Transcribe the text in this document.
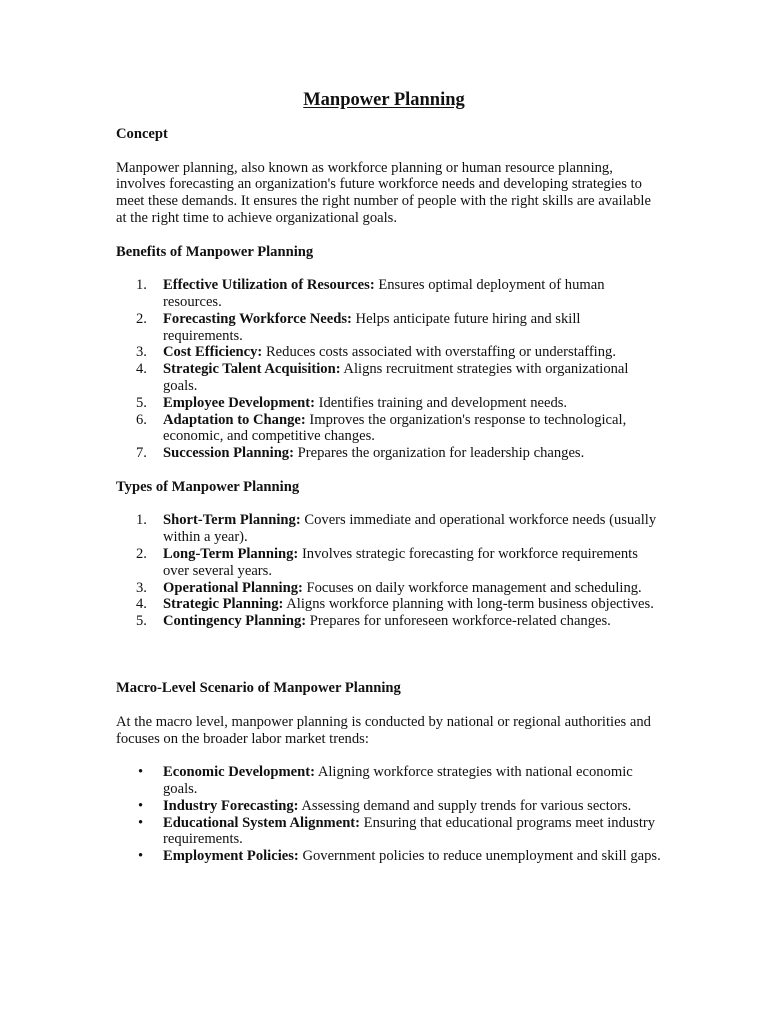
Manpower Planning
Concept

Manpower planning, also known as workforce planning or human resource planning, involves forecasting an organization's future workforce needs and developing strategies to meet these demands. It ensures the right number of people with the right skills are available at the right time to achieve organizational goals.

Benefits of Manpower Planning
1.	Effective Utilization of Resources: Ensures optimal deployment of human resources.
2.	Forecasting Workforce Needs: Helps anticipate future hiring and skill requirements.
3.	Cost Efficiency: Reduces costs associated with overstaffing or understaffing.
4.	Strategic Talent Acquisition: Aligns recruitment strategies with organizational goals.
5.	Employee Development: Identifies training and development needs.
6.	Adaptation to Change: Improves the organization's response to technological, economic, and competitive changes.
7.	Succession Planning: Prepares the organization for leadership changes.
Types of Manpower Planning
1.	Short-Term Planning: Covers immediate and operational workforce needs (usually within a year).
2.	Long-Term Planning: Involves strategic forecasting for workforce requirements over several years.
3.	Operational Planning: Focuses on daily workforce management and scheduling.
4.	Strategic Planning: Aligns workforce planning with long-term business objectives.
5.	Contingency Planning: Prepares for unforeseen workforce-related changes.
Macro-Level Scenario of Manpower Planning

At the macro level, manpower planning is conducted by national or regional authorities and focuses on the broader labor market trends:

• Economic Development: Aligning workforce strategies with national economic goals.
• Industry Forecasting: Assessing demand and supply trends for various sectors.
• Educational System Alignment: Ensuring that educational programs meet industry requirements.
• Employment Policies: Government policies to reduce unemployment and skill gaps.
